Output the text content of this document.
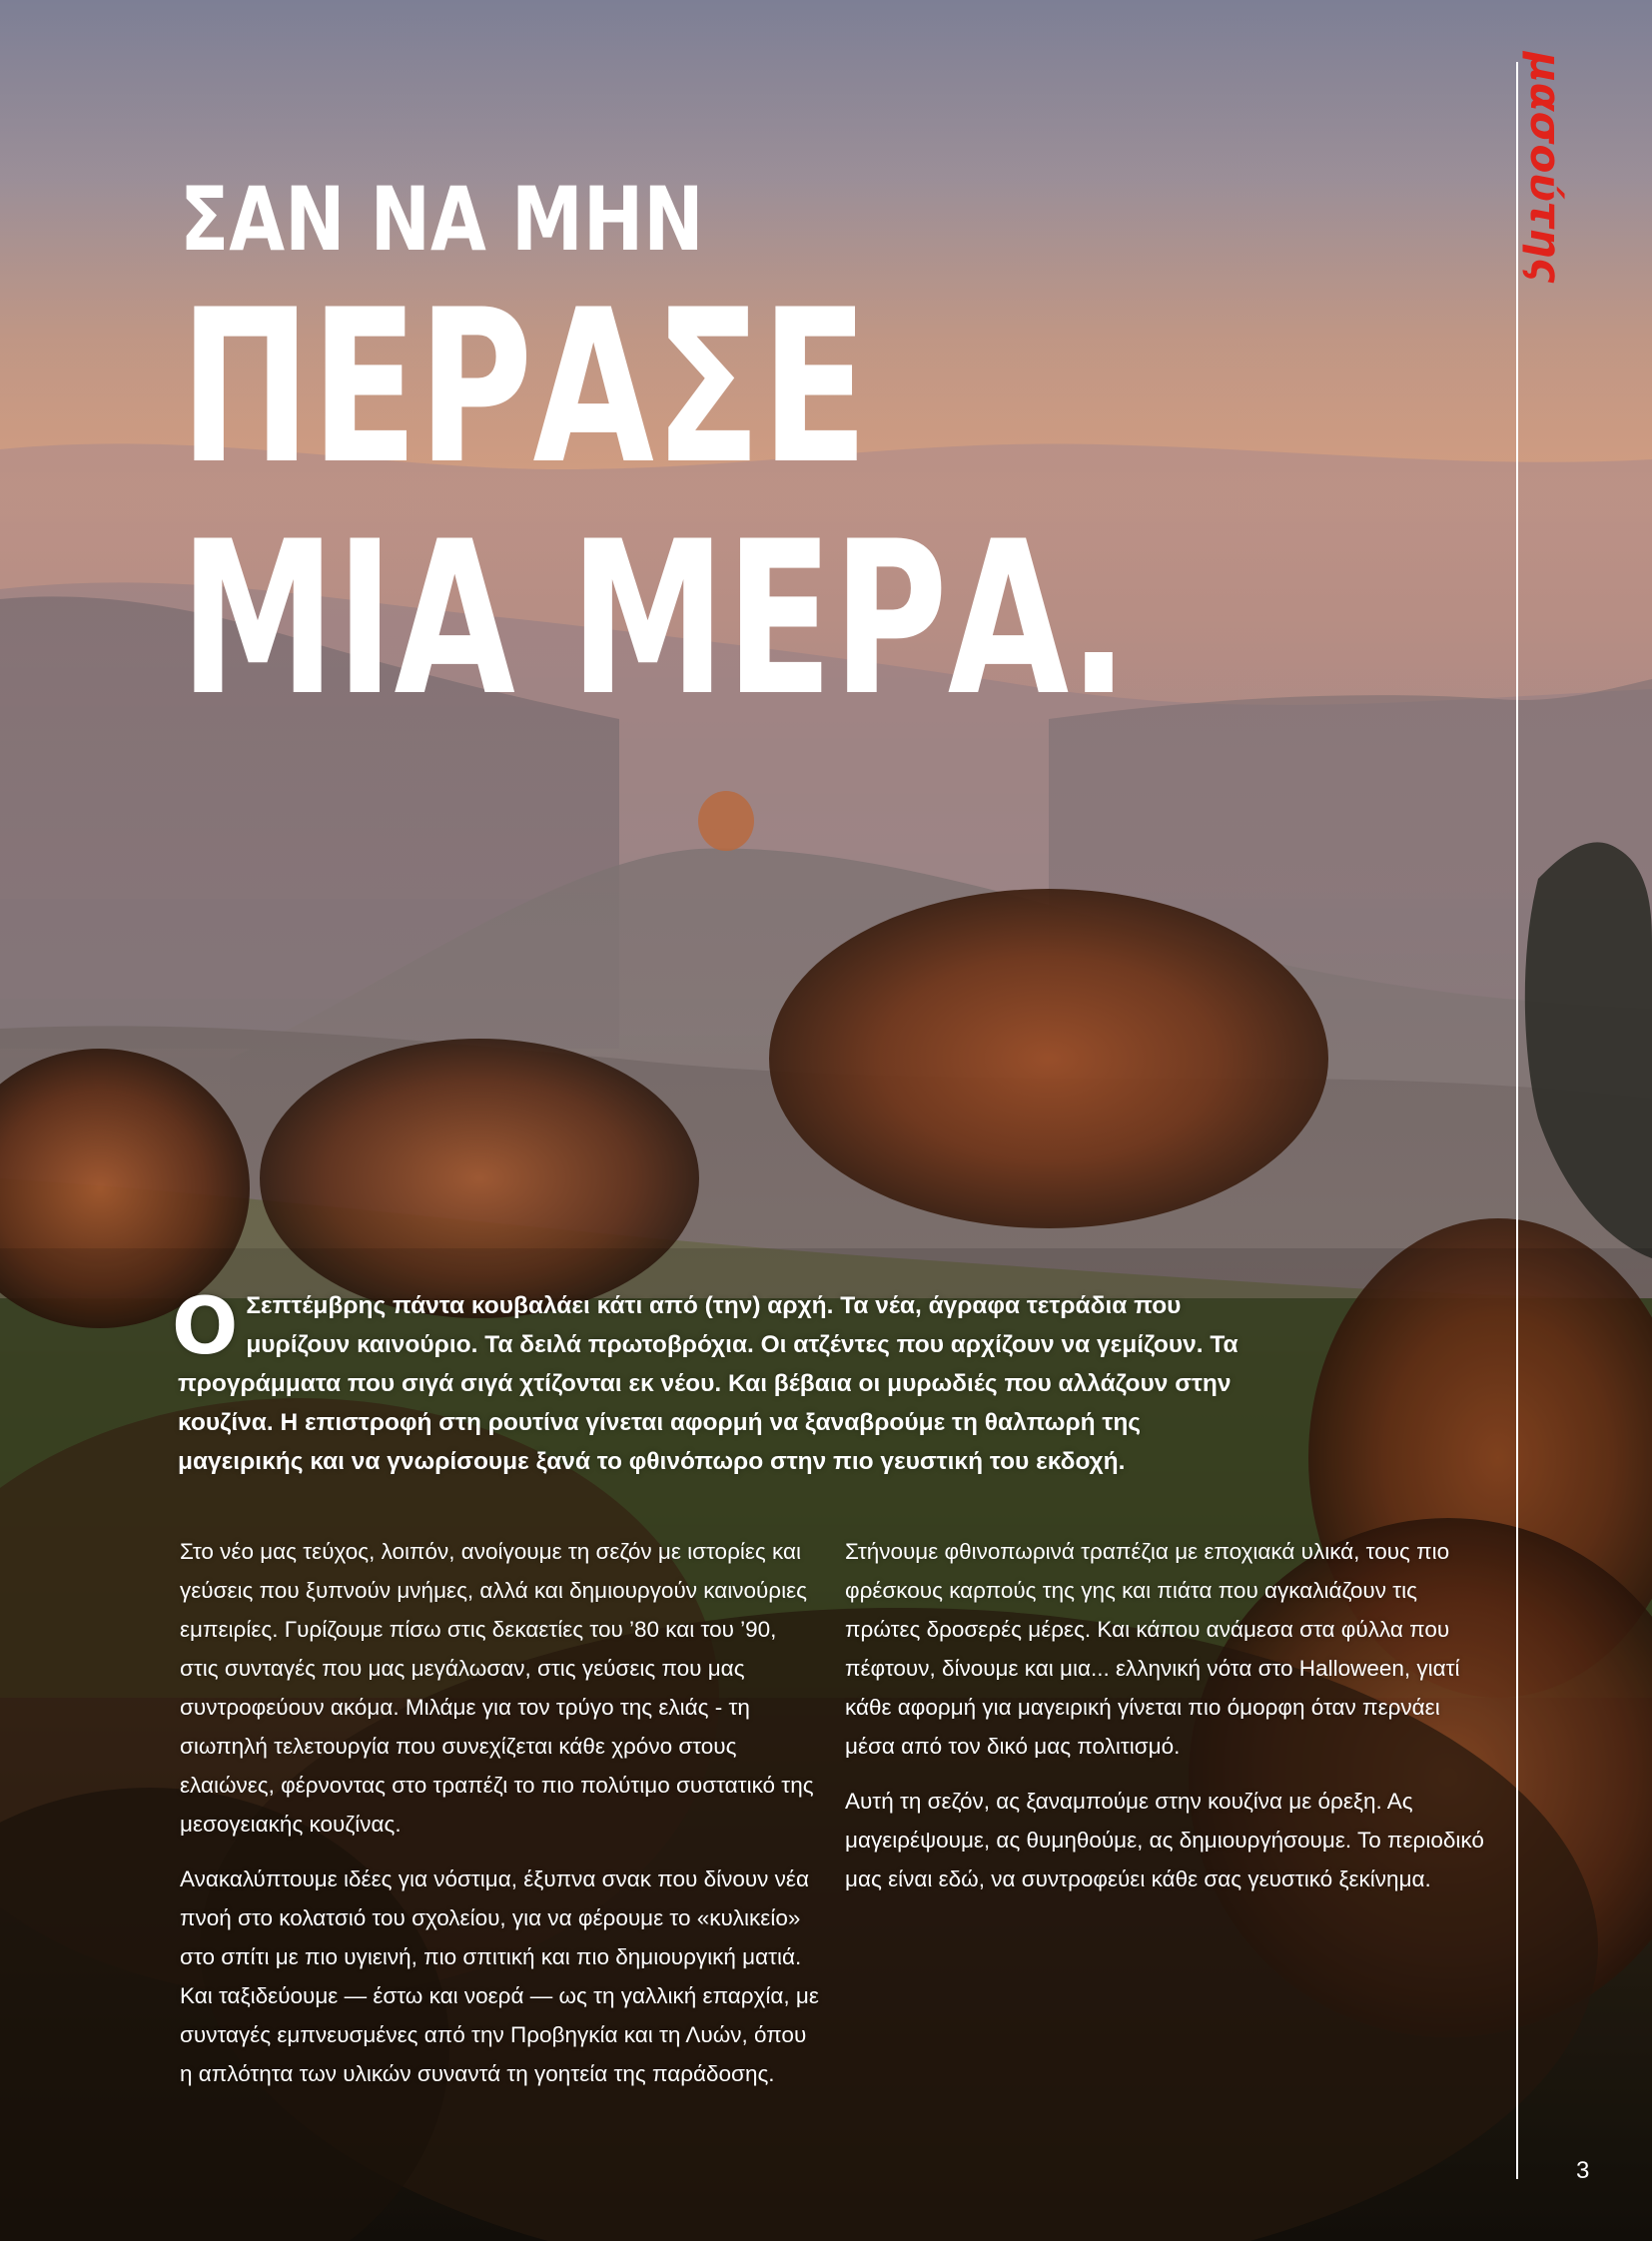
ΣΑΝ ΝΑ ΜΗΝ
ΠΕΡΑΣΕ
ΜΙΑ ΜΕΡΑ.
μασούτης
Ο Σεπτέμβρης πάντα κουβαλάει κάτι από (την) αρχή. Τα νέα, άγραφα τετράδια που μυρίζουν καινούριο. Τα δειλά πρωτοβρόχια. Οι ατζέντες που αρχίζουν να γεμίζουν. Τα προγράμματα που σιγά σιγά χτίζονται εκ νέου. Και βέβαια οι μυρωδιές που αλλάζουν στην κουζίνα. Η επιστροφή στη ρουτίνα γίνεται αφορμή να ξαναβρούμε τη θαλπωρή της μαγειρικής και να γνωρίσουμε ξανά το φθινόπωρο στην πιο γευστική του εκδοχή.

Στο νέο μας τεύχος, λοιπόν, ανοίγουμε τη σεζόν με ιστορίες και γεύσεις που ξυπνούν μνήμες, αλλά και δημιουργούν καινούριες εμπειρίες. Γυρίζουμε πίσω στις δεκαετίες του ’80 και του ’90, στις συνταγές που μας μεγάλωσαν, στις γεύσεις που μας συντροφεύουν ακόμα. Μιλάμε για τον τρύγο της ελιάς - τη σιωπηλή τελετουργία που συνεχίζεται κάθε χρόνο στους ελαιώνες, φέρνοντας στο τραπέζι το πιο πολύτιμο συστατικό της μεσογειακής κουζίνας.

Ανακαλύπτουμε ιδέες για νόστιμα, έξυπνα σνακ που δίνουν νέα πνοή στο κολατσιό του σχολείου, για να φέρουμε το «κυλικείο» στο σπίτι με πιο υγιεινή, πιο σπιτική και πιο δημιουργική ματιά. Και ταξιδεύουμε — έστω και νοερά — ως τη γαλλική επαρχία, με συνταγές εμπνευσμένες από την Προβηγκία και τη Λυών, όπου η απλότητα των υλικών συναντά τη γοητεία της παράδοσης.

Στήνουμε φθινοπωρινά τραπέζια με εποχιακά υλικά, τους πιο φρέσκους καρπούς της γης και πιάτα που αγκαλιάζουν τις πρώτες δροσερές μέρες. Και κάπου ανάμεσα στα φύλλα που πέφτουν, δίνουμε και μια... ελληνική νότα στο Halloween, γιατί κάθε αφορμή για μαγειρική γίνεται πιο όμορφη όταν περνάει μέσα από τον δικό μας πολιτισμό.

Αυτή τη σεζόν, ας ξαναμπούμε στην κουζίνα με όρεξη. Ας μαγειρέψουμε, ας θυμηθούμε, ας δημιουργήσουμε. Το περιοδικό μας είναι εδώ, να συντροφεύει κάθε σας γευστικό ξεκίνημα.

3
